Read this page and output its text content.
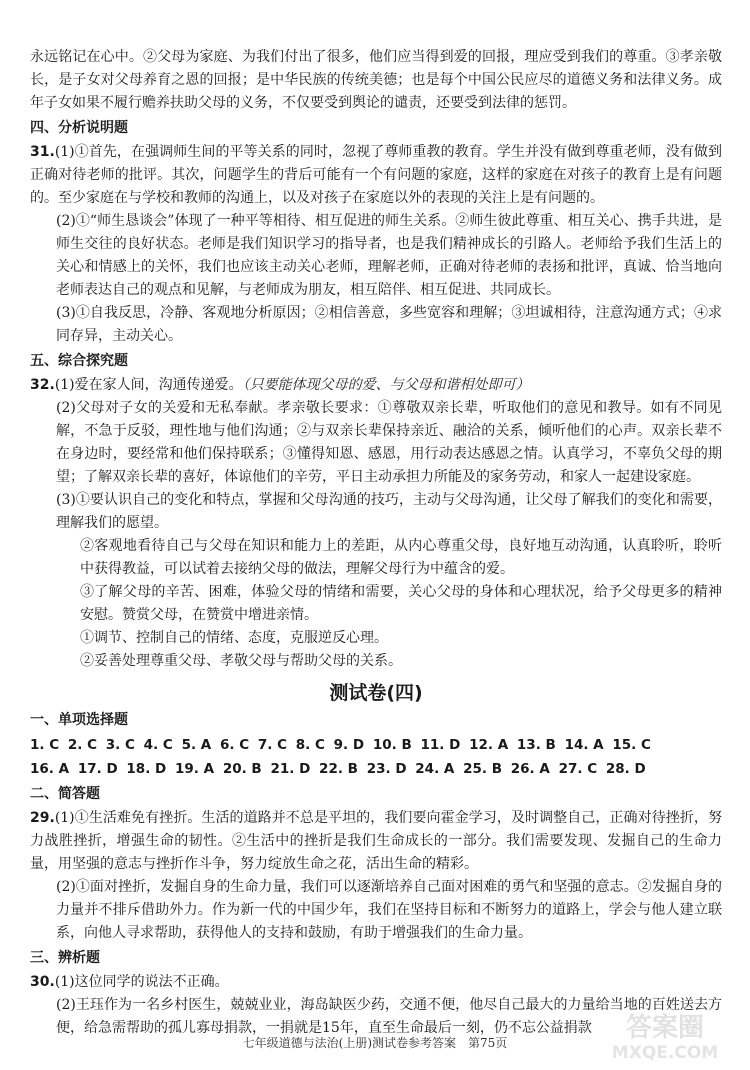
永远铭记在心中。②父母为家庭、为我们付出了很多，他们应当得到爱的回报，理应受到我们的尊重。③孝亲敬长，是子女对父母养育之恩的回报；是中华民族的传统美德；也是每个中国公民应尽的道德义务和法律义务。成年子女如果不履行赡养扶助父母的义务，不仅要受到舆论的谴责，还要受到法律的惩罚。

四、分析说明题

31.(1)①首先，在强调师生间的平等关系的同时，忽视了尊师重教的教育。学生并没有做到尊重老师，没有做到正确对待老师的批评。其次，问题学生的背后可能有一个有问题的家庭，这样的家庭在对孩子的教育上是有问题的。至少家庭在与学校和教师的沟通上，以及对孩子在家庭以外的表现的关注上是有问题的。

(2)①“师生恳谈会”体现了一种平等相待、相互促进的师生关系。②师生彼此尊重、相互关心、携手共进，是师生交往的良好状态。老师是我们知识学习的指导者，也是我们精神成长的引路人。老师给予我们生活上的关心和情感上的关怀，我们也应该主动关心老师，理解老师，正确对待老师的表扬和批评，真诚、恰当地向老师表达自己的观点和见解，与老师成为朋友，相互陪伴、相互促进、共同成长。

(3)①自我反思，冷静、客观地分析原因；②相信善意，多些宽容和理解；③坦诚相待，注意沟通方式；④求同存异，主动关心。

五、综合探究题

32.(1)爱在家人间，沟通传递爱。（只要能体现父母的爱、与父母和谐相处即可）

(2)父母对子女的关爱和无私奉献。孝亲敬长要求：①尊敬双亲长辈，听取他们的意见和教导。如有不同见解，不急于反驳，理性地与他们沟通；②与双亲长辈保持亲近、融洽的关系，倾听他们的心声。双亲长辈不在身边时，要经常和他们保持联系；③懂得知恩、感恩，用行动表达感恩之情。认真学习，不辜负父母的期望；了解双亲长辈的喜好，体谅他们的辛劳，平日主动承担力所能及的家务劳动，和家人一起建设家庭。

(3)①要认识自己的变化和特点，掌握和父母沟通的技巧，主动与父母沟通，让父母了解我们的变化和需要，理解我们的愿望。

②客观地看待自己与父母在知识和能力上的差距，从内心尊重父母，良好地互动沟通，认真聆听，聆听中获得教益，可以试着去接纳父母的做法，理解父母行为中蕴含的爱。

③了解父母的辛苦、困难，体验父母的情绪和需要，关心父母的身体和心理状况，给予父母更多的精神安慰。赞赏父母，在赞赏中增进亲情。

①调节、控制自己的情绪、态度，克服逆反心理。

②妥善处理尊重父母、孝敬父母与帮助父母的关系。

测试卷(四)
一、单项选择题

1. C  2. C  3. C  4. C  5. A  6. C  7. C  8. C  9. D  10. B  11. D  12. A  13. B  14. A  15. C 

16. A  17. D  18. D  19. A  20. B  21. D  22. B  23. D  24. A  25. B  26. A  27. C  28. D 

二、简答题

29.(1)①生活难免有挫折。生活的道路并不总是平坦的，我们要向霍金学习，及时调整自己，正确对待挫折，努力战胜挫折，增强生命的韧性。②生活中的挫折是我们生命成长的一部分。我们需要发现、发掘自己的生命力量，用坚强的意志与挫折作斗争，努力绽放生命之花，活出生命的精彩。

(2)①面对挫折，发掘自身的生命力量，我们可以逐渐培养自己面对困难的勇气和坚强的意志。②发掘自身的力量并不排斥借助外力。作为新一代的中国少年，我们在坚持目标和不断努力的道路上，学会与他人建立联系，向他人寻求帮助，获得他人的支持和鼓励，有助于增强我们的生命力量。

三、辨析题

30.(1)这位同学的说法不正确。

(2)王珏作为一名乡村医生，兢兢业业，海岛缺医少药，交通不便，他尽自己最大的力量给当地的百姓送去方便，给急需帮助的孤儿寡母捐款，一捐就是15年，直至生命最后一刻，仍不忘公益捐款

七年级道德与法治(上册)测试卷参考答案　第75页	答案圈
MXQE.COM
